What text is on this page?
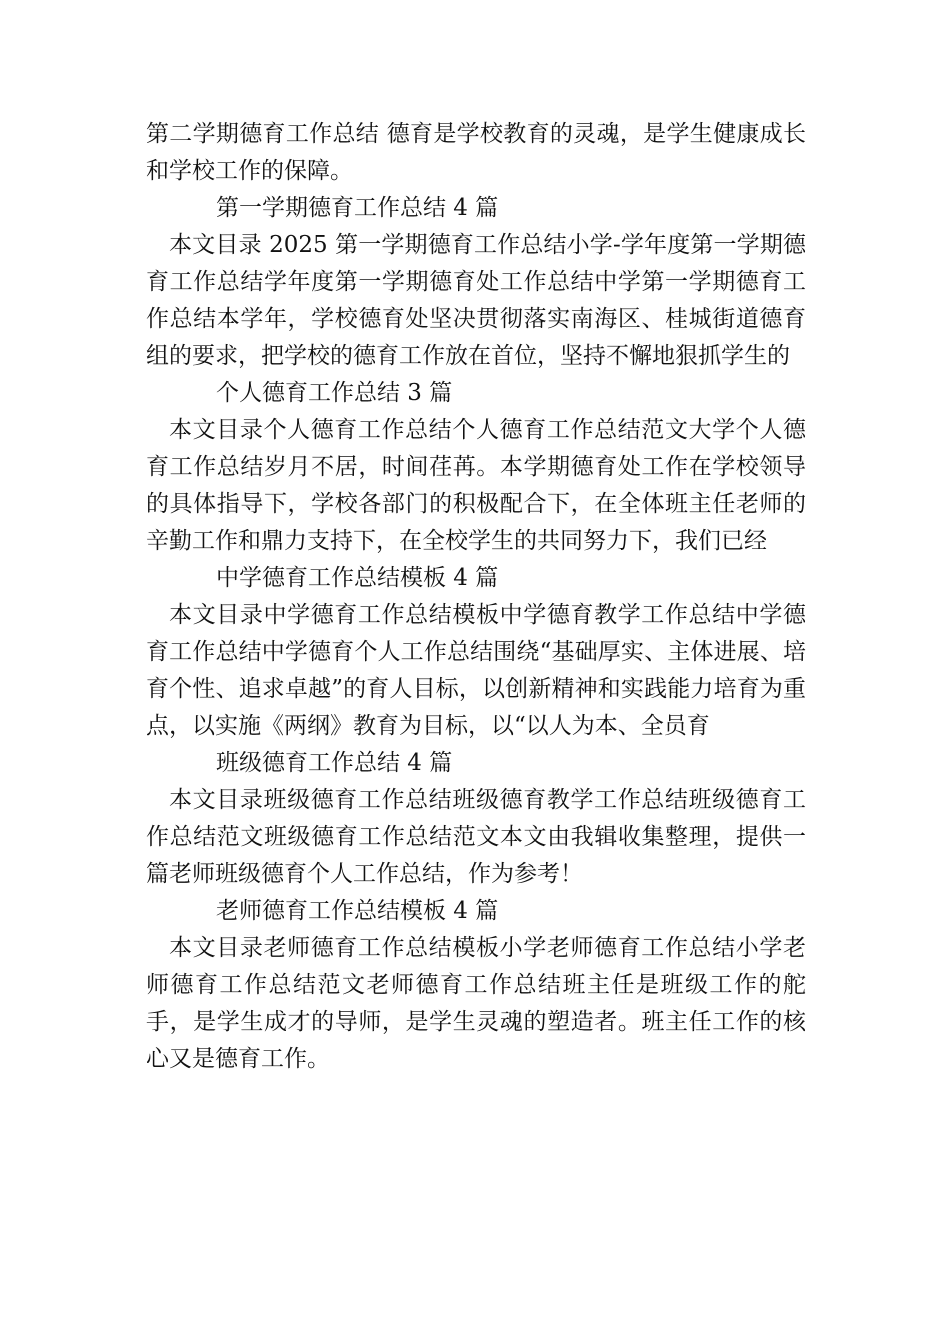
第二学期德育工作总结 德育是学校教育的灵魂，是学生健康成长和学校工作的保障。

第一学期德育工作总结 4 篇

本文目录 2025 第一学期德育工作总结小学-学年度第一学期德育工作总结学年度第一学期德育处工作总结中学第一学期德育工作总结本学年，学校德育处坚决贯彻落实南海区、桂城街道德育组的要求，把学校的德育工作放在首位，坚持不懈地狠抓学生的

个人德育工作总结 3 篇

本文目录个人德育工作总结个人德育工作总结范文大学个人德育工作总结岁月不居，时间荏苒。本学期德育处工作在学校领导的具体指导下，学校各部门的积极配合下，在全体班主任老师的辛勤工作和鼎力支持下，在全校学生的共同努力下，我们已经

中学德育工作总结模板 4 篇

本文目录中学德育工作总结模板中学德育教学工作总结中学德育工作总结中学德育个人工作总结围绕“基础厚实、主体进展、培育个性、追求卓越”的育人目标，以创新精神和实践能力培育为重点，以实施《两纲》教育为目标，以“以人为本、全员育

班级德育工作总结 4 篇

本文目录班级德育工作总结班级德育教学工作总结班级德育工作总结范文班级德育工作总结范文本文由我辑收集整理，提供一篇老师班级德育个人工作总结，作为参考！

老师德育工作总结模板 4 篇

本文目录老师德育工作总结模板小学老师德育工作总结小学老师德育工作总结范文老师德育工作总结班主任是班级工作的舵手，是学生成才的导师，是学生灵魂的塑造者。班主任工作的核心又是德育工作。
